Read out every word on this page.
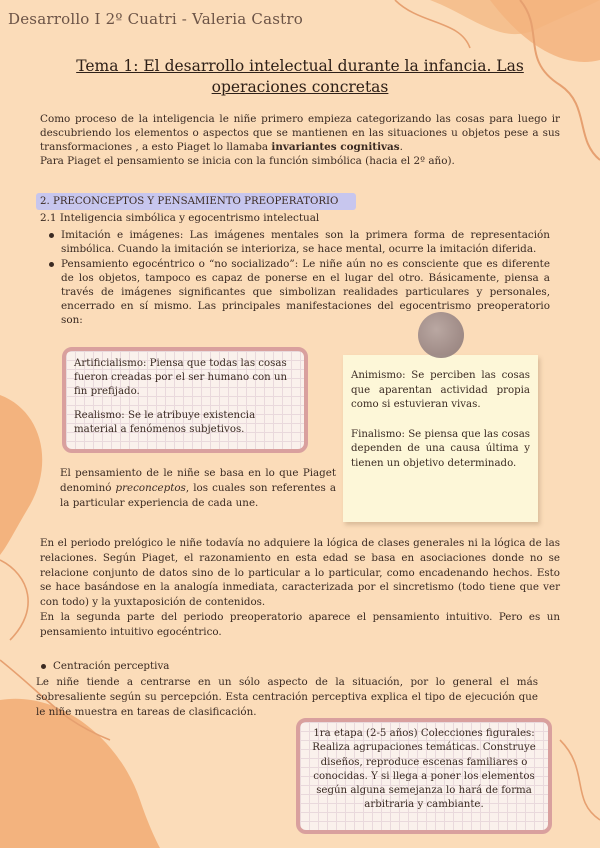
Desarrollo I 2º Cuatri - Valeria Castro
Tema 1: El desarrollo intelectual durante la infancia. Las operaciones concretas

Como proceso de la inteligencia le niñe primero empieza categorizando las cosas para luego ir descubriendo los elementos o aspectos que se mantienen en las situaciones u objetos pese a sus transformaciones , a esto Piaget lo llamaba invariantes cognitivas.

Para Piaget el pensamiento se inicia con la función simbólica (hacia el 2º año).

2. PRECONCEPTOS Y PENSAMIENTO PREOPERATORIO
2.1 Inteligencia simbólica y egocentrismo intelectual
Imitación e imágenes: Las imágenes mentales son la primera forma de representación simbólica. Cuando la imitación se interioriza, se hace mental, ocurre la imitación diferida.
Pensamiento egocéntrico o “no socializado”: Le niñe aún no es consciente que es diferente de los objetos, tampoco es capaz de ponerse en el lugar del otro. Básicamente, piensa a través de imágenes significantes que simbolizan realidades particulares y personales, encerrado en sí mismo. Las principales manifestaciones del egocentrismo preoperatorio son:

Artificialismo: Piensa que todas las cosas fueron creadas por el ser humano con un fin prefijado.

Realismo: Se le atribuye existencia material a fenómenos subjetivos.

Animismo: Se perciben las cosas que aparentan actividad propia como si estuvieran vivas.

Finalismo: Se piensa que las cosas dependen de una causa última y tienen un objetivo determinado.

El pensamiento de le niñe se basa en lo que Piaget denominó preconceptos, los cuales son referentes a la particular experiencia de cada une.

En el periodo prelógico le niñe todavía no adquiere la lógica de clases generales ni la lógica de las relaciones. Según Piaget, el razonamiento en esta edad se basa en asociaciones donde no se relacione conjunto de datos sino de lo particular a lo particular, como encadenando hechos. Esto se hace basándose en la analogía inmediata, caracterizada por el sincretismo (todo tiene que ver con todo) y la yuxtaposición de contenidos.

En la segunda parte del periodo preoperatorio aparece el pensamiento intuitivo. Pero es un pensamiento intuitivo egocéntrico.

Centración perceptiva
Le niñe tiende a centrarse en un sólo aspecto de la situación, por lo general el más sobresaliente según su percepción. Esta centración perceptiva explica el tipo de ejecución que le niñe muestra en tareas de clasificación.
1ra etapa (2-5 años) Colecciones figurales: Realiza agrupaciones temáticas. Construye diseños, reproduce escenas familiares o conocidas. Y si llega a poner los elementos según alguna semejanza lo hará de forma arbitraria y cambiante.
